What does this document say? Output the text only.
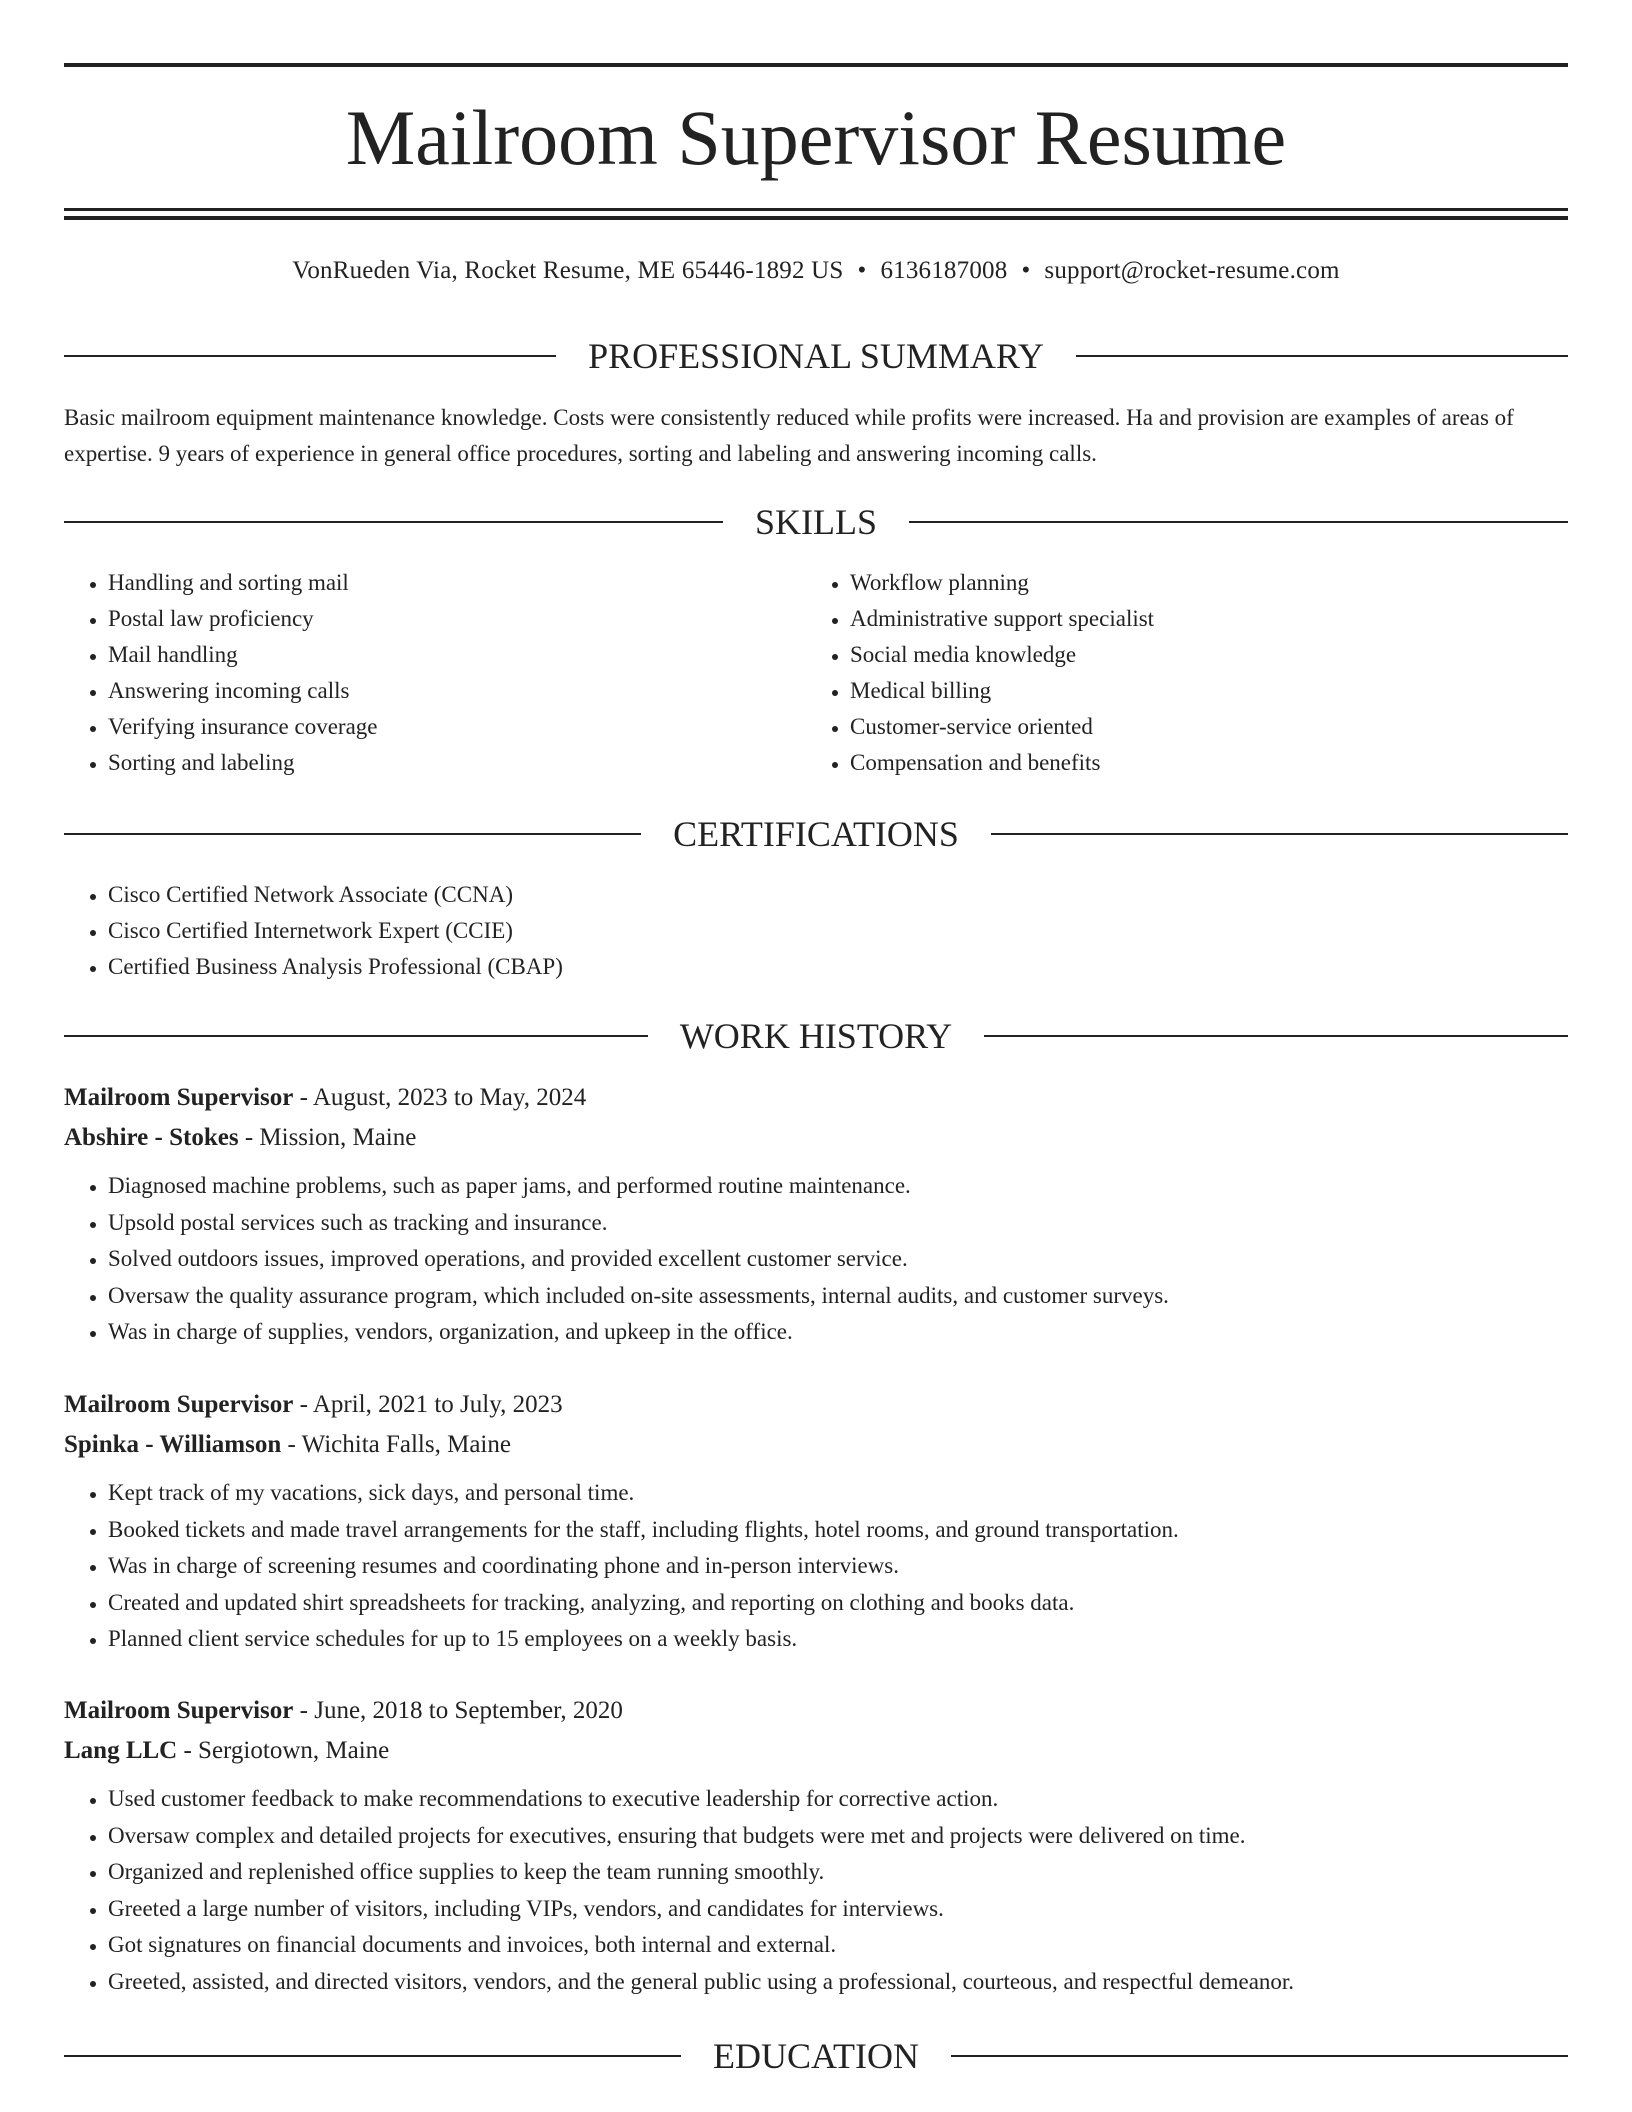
Mailroom Supervisor Resume
VonRueden Via, Rocket Resume, ME 65446-1892 US • 6136187008 • support@rocket-resume.com
PROFESSIONAL SUMMARY

Basic mailroom equipment maintenance knowledge. Costs were consistently reduced while profits were increased. Ha and provision are examples of areas of expertise. 9 years of experience in general office procedures, sorting and labeling and answering incoming calls.

SKILLS
• Handling and sorting mail
• Postal law proficiency
• Mail handling
• Answering incoming calls
• Verifying insurance coverage
• Sorting and labeling
• Workflow planning
• Administrative support specialist
• Social media knowledge
• Medical billing
• Customer-service oriented
• Compensation and benefits
CERTIFICATIONS
• Cisco Certified Network Associate (CCNA)
• Cisco Certified Internetwork Expert (CCIE)
• Certified Business Analysis Professional (CBAP)
WORK HISTORY
Mailroom Supervisor - August, 2023 to May, 2024
Abshire - Stokes - Mission, Maine
• Diagnosed machine problems, such as paper jams, and performed routine maintenance.
• Upsold postal services such as tracking and insurance.
• Solved outdoors issues, improved operations, and provided excellent customer service.
• Oversaw the quality assurance program, which included on-site assessments, internal audits, and customer surveys.
• Was in charge of supplies, vendors, organization, and upkeep in the office.
Mailroom Supervisor - April, 2021 to July, 2023
Spinka - Williamson - Wichita Falls, Maine
• Kept track of my vacations, sick days, and personal time.
• Booked tickets and made travel arrangements for the staff, including flights, hotel rooms, and ground transportation.
• Was in charge of screening resumes and coordinating phone and in-person interviews.
• Created and updated shirt spreadsheets for tracking, analyzing, and reporting on clothing and books data.
• Planned client service schedules for up to 15 employees on a weekly basis.
Mailroom Supervisor - June, 2018 to September, 2020
Lang LLC - Sergiotown, Maine
• Used customer feedback to make recommendations to executive leadership for corrective action.
• Oversaw complex and detailed projects for executives, ensuring that budgets were met and projects were delivered on time.
• Organized and replenished office supplies to keep the team running smoothly.
• Greeted a large number of visitors, including VIPs, vendors, and candidates for interviews.
• Got signatures on financial documents and invoices, both internal and external.
• Greeted, assisted, and directed visitors, vendors, and the general public using a professional, courteous, and respectful demeanor.
EDUCATION
